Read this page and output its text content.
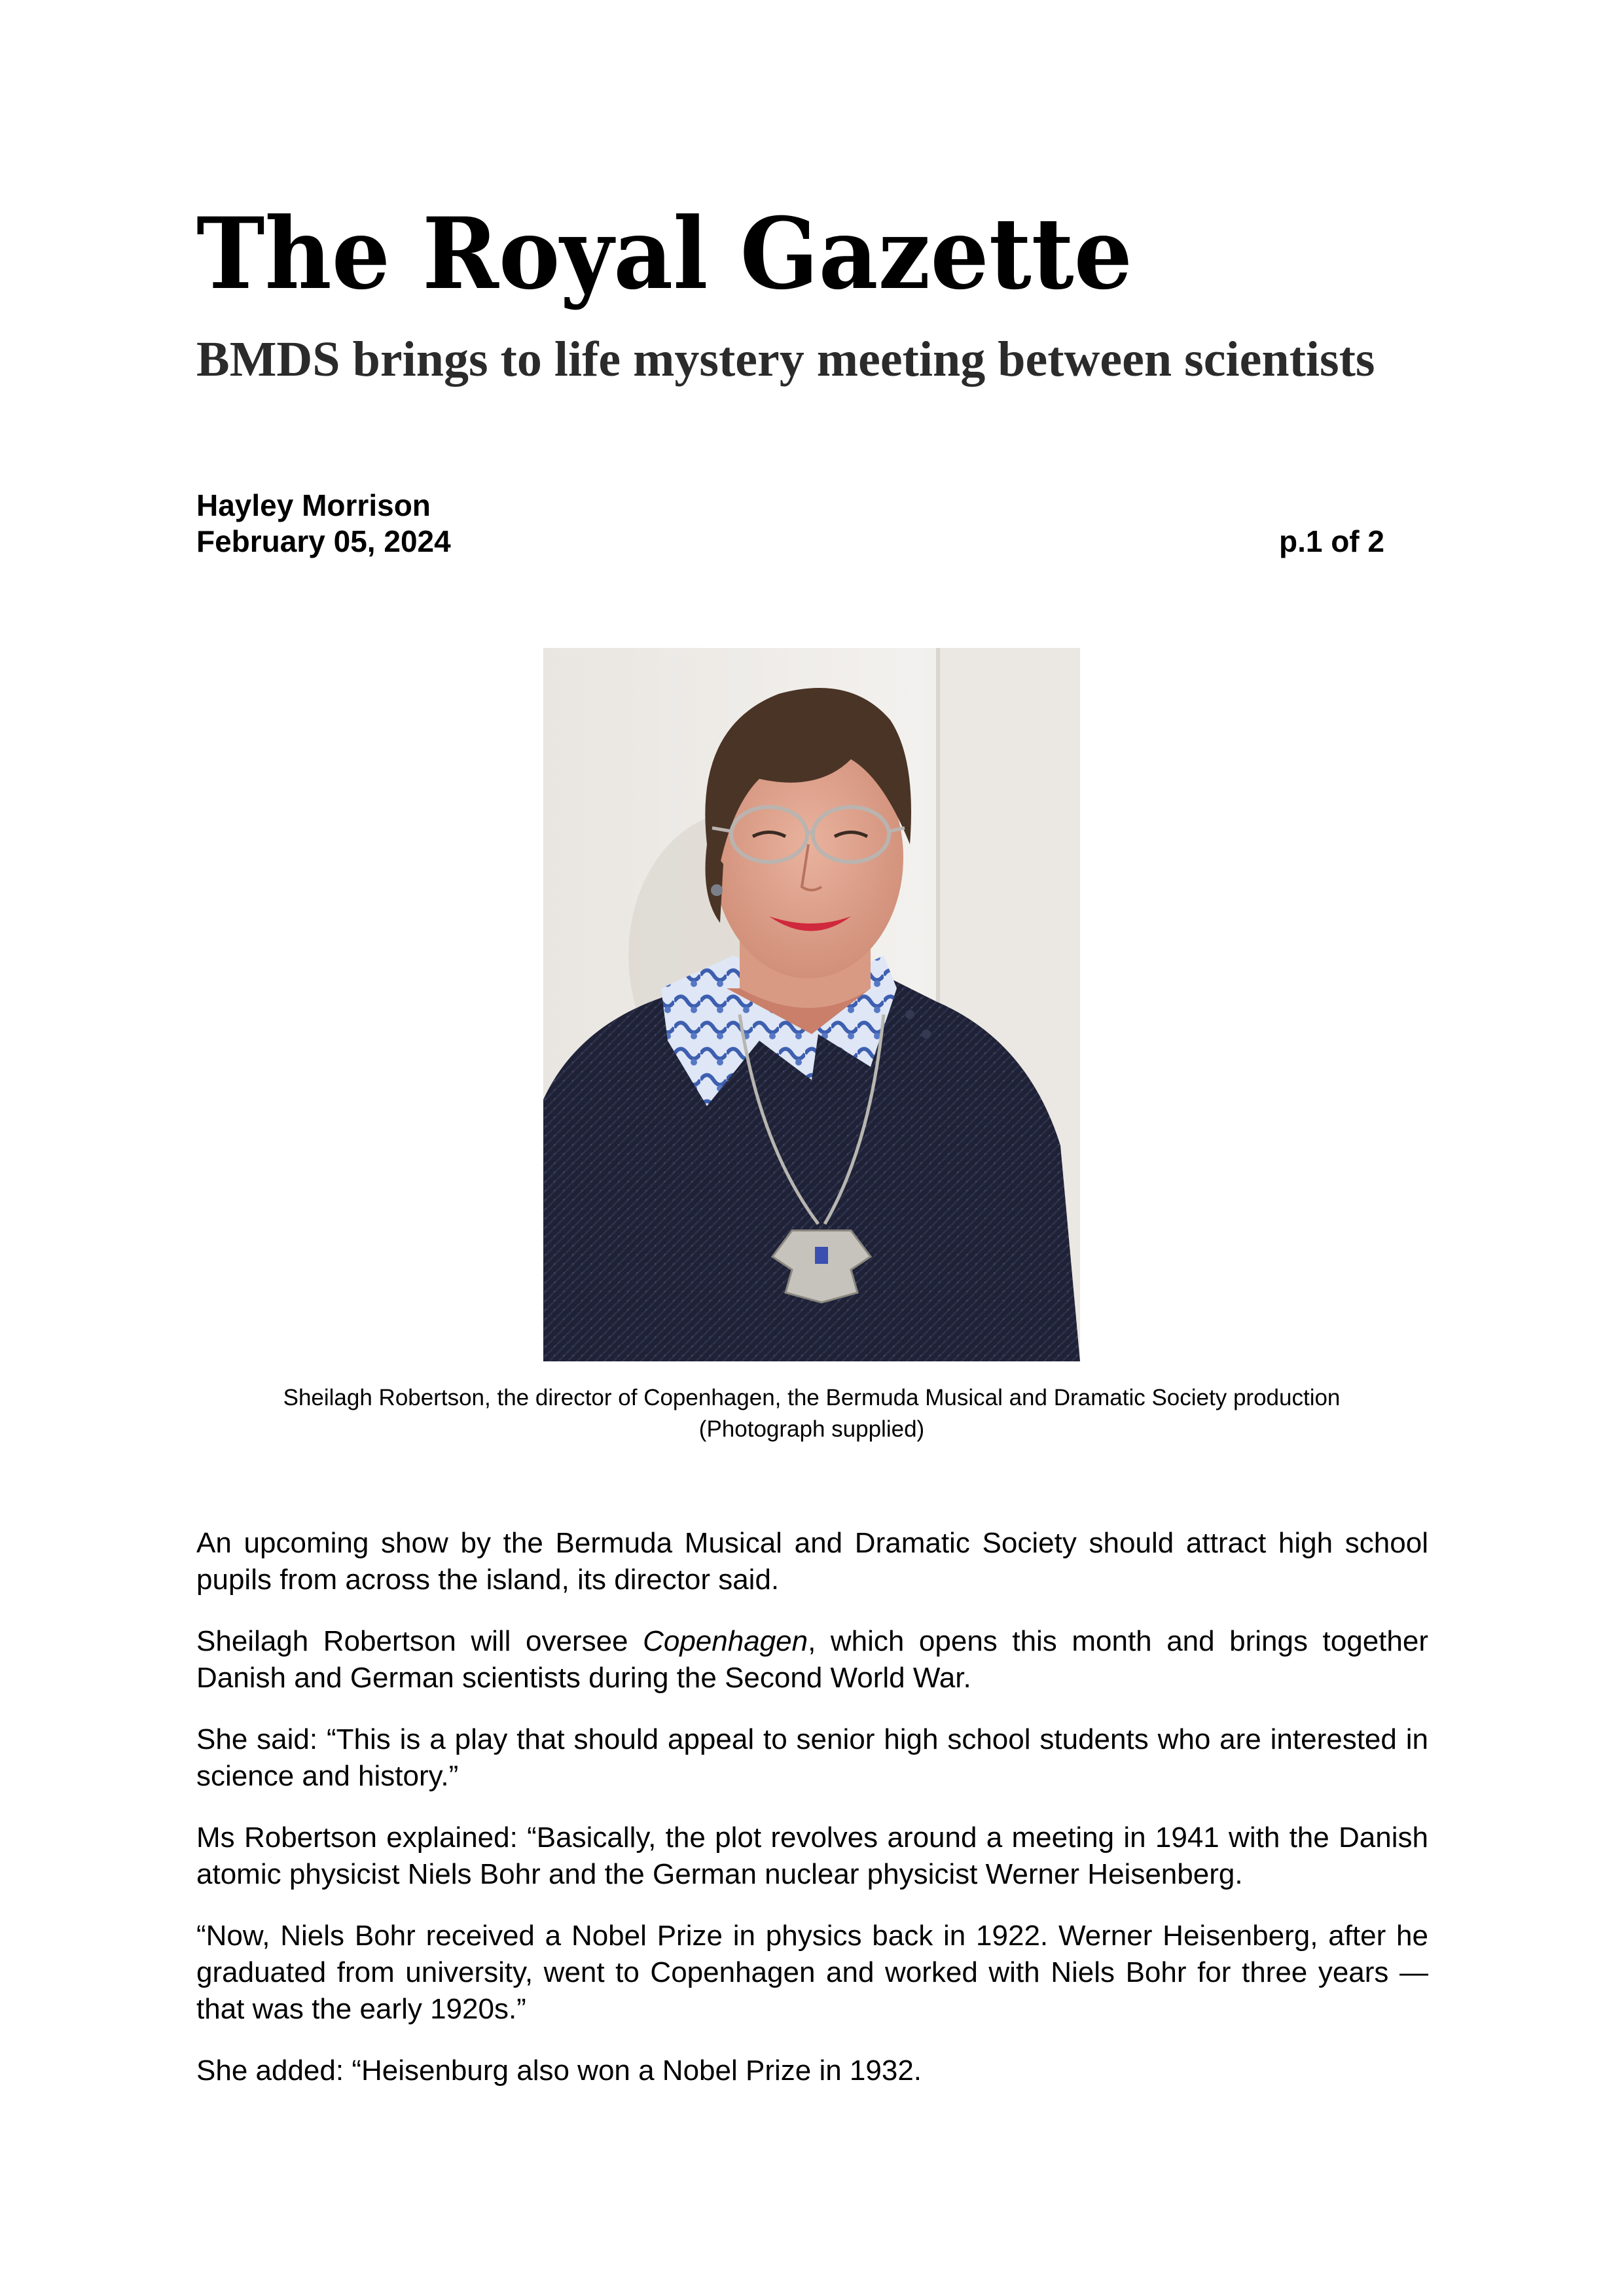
The Royal Gazette
BMDS brings to life mystery meeting between scientists
Hayley Morrison
February 05, 2024	p.1 of 2
Sheilagh Robertson, the director of Copenhagen, the Bermuda Musical and Dramatic Society production
(Photograph supplied)

An upcoming show by the Bermuda Musical and Dramatic Society should attract high school pupils from across the island, its director said.

Sheilagh Robertson will oversee Copenhagen, which opens this month and brings together Danish and German scientists during the Second World War.

She said: “This is a play that should appeal to senior high school students who are interested in science and history.”

Ms Robertson explained: “Basically, the plot revolves around a meeting in 1941 with the Danish atomic physicist Niels Bohr and the German nuclear physicist Werner Heisenberg.

“Now, Niels Bohr received a Nobel Prize in physics back in 1922. Werner Heisenberg, after he graduated from university, went to Copenhagen and worked with Niels Bohr for three years — that was the early 1920s.”

She added: “Heisenburg also won a Nobel Prize in 1932.
